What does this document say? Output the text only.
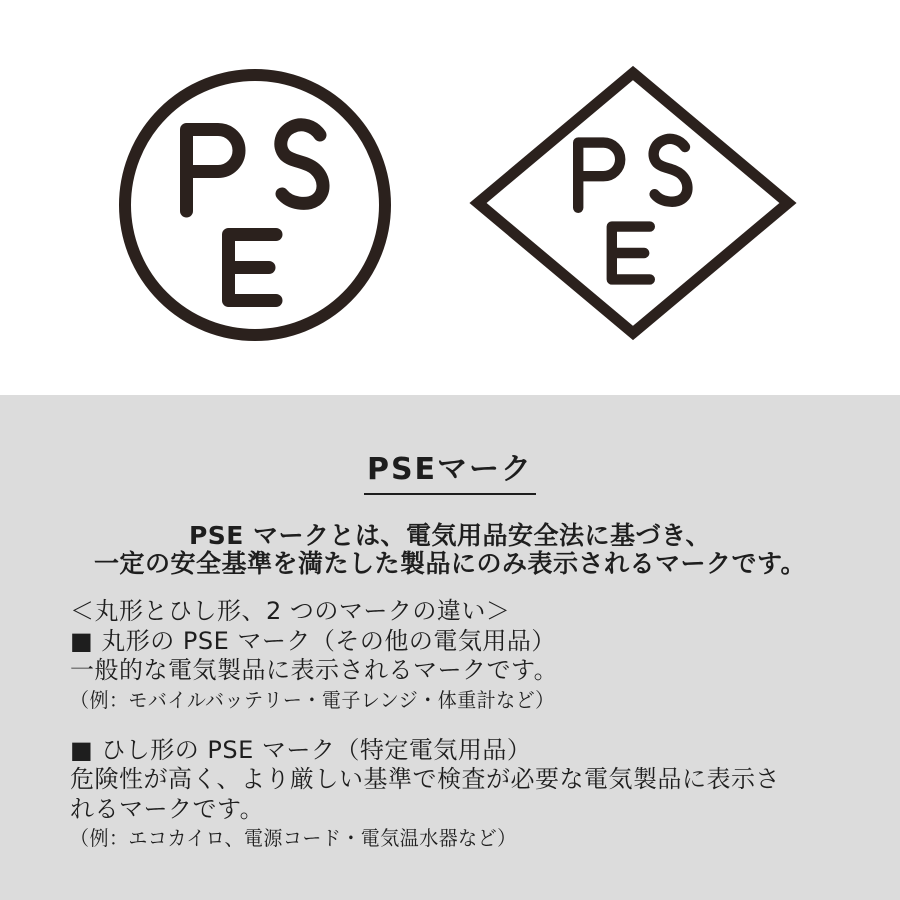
PSEマーク
PSE マークとは、電気用品安全法に基づき、
一定の安全基準を満たした製品にのみ表示されるマークです。
＜丸形とひし形、2 つのマークの違い＞
■ 丸形の PSE マーク（その他の電気用品）
一般的な電気製品に表示されるマークです。
（例：モバイルバッテリー・電子レンジ・体重計など）
■ ひし形の PSE マーク（特定電気用品）
危険性が高く、より厳しい基準で検査が必要な電気製品に表示さ
れるマークです。
（例：エコカイロ、電源コード・電気温水器など）
